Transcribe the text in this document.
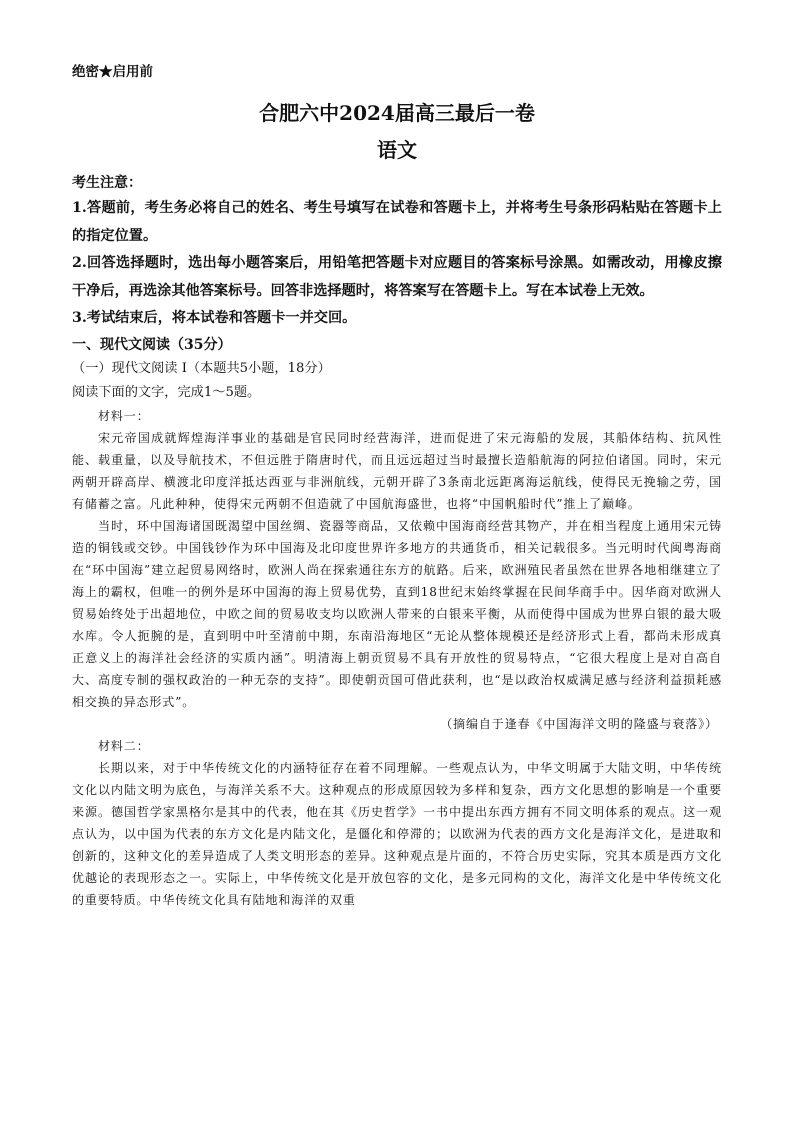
绝密★启用前
合肥六中2024届高三最后一卷
语文
考生注意：
1.答题前，考生务必将自己的姓名、考生号填写在试卷和答题卡上，并将考生号条形码粘贴在答题卡上的指定位置。
2.回答选择题时，选出每小题答案后，用铅笔把答题卡对应题目的答案标号涂黑。如需改动，用橡皮擦干净后，再选涂其他答案标号。回答非选择题时，将答案写在答题卡上。写在本试卷上无效。
3.考试结束后，将本试卷和答题卡一并交回。
一、现代文阅读（35分）
（一）现代文阅读 I（本题共5小题，18分）
阅读下面的文字，完成1～5题。
材料一：

宋元帝国成就辉煌海洋事业的基础是官民同时经营海洋，进而促进了宋元海船的发展，其船体结构、抗风性能、载重量，以及导航技术，不但远胜于隋唐时代，而且远远超过当时最擅长造船航海的阿拉伯诸国。同时，宋元两朝开辟高岸、横渡北印度洋抵达西亚与非洲航线，元朝开辟了3条南北远距离海运航线，使得民无挽输之劳，国有储蓄之富。凡此种种，使得宋元两朝不但造就了中国航海盛世，也将“中国帆船时代”推上了巅峰。

当时，环中国海诸国既渴望中国丝绸、瓷器等商品，又依赖中国海商经营其物产，并在相当程度上通用宋元铸造的铜钱或交钞。中国钱钞作为环中国海及北印度世界许多地方的共通货币，相关记载很多。当元明时代闽粤海商在“环中国海”建立起贸易网络时，欧洲人尚在探索通往东方的航路。后来，欧洲殖民者虽然在世界各地相继建立了海上的霸权，但唯一的例外是环中国海的海上贸易优势，直到18世纪末始终掌握在民间华商手中。因华商对欧洲人贸易始终处于出超地位，中欧之间的贸易收支均以欧洲人带来的白银来平衡，从而使得中国成为世界白银的最大吸水库。令人扼腕的是，直到明中叶至清前中期，东南沿海地区“无论从整体规模还是经济形式上看，都尚未形成真正意义上的海洋社会经济的实质内涵”。明清海上朝贡贸易不具有开放性的贸易特点，“它很大程度上是对自高自大、高度专制的强权政治的一种无奈的支持”。即使朝贡国可借此获利，也“是以政治权威满足感与经济利益损耗感相交换的异态形式”。

（摘编自于逢春《中国海洋文明的隆盛与衰落》）
材料二：

长期以来，对于中华传统文化的内涵特征存在着不同理解。一些观点认为，中华文明属于大陆文明，中华传统文化以内陆文明为底色，与海洋关系不大。这种观点的形成原因较为多样和复杂，西方文化思想的影响是一个重要来源。德国哲学家黑格尔是其中的代表，他在其《历史哲学》一书中提出东西方拥有不同文明体系的观点。这一观点认为，以中国为代表的东方文化是内陆文化，是僵化和停滞的；以欧洲为代表的西方文化是海洋文化，是进取和创新的，这种文化的差异造成了人类文明形态的差异。这种观点是片面的，不符合历史实际，究其本质是西方文化优越论的表现形态之一。实际上，中华传统文化是开放包容的文化，是多元同构的文化，海洋文化是中华传统文化的重要特质。中华传统文化具有陆地和海洋的双重
